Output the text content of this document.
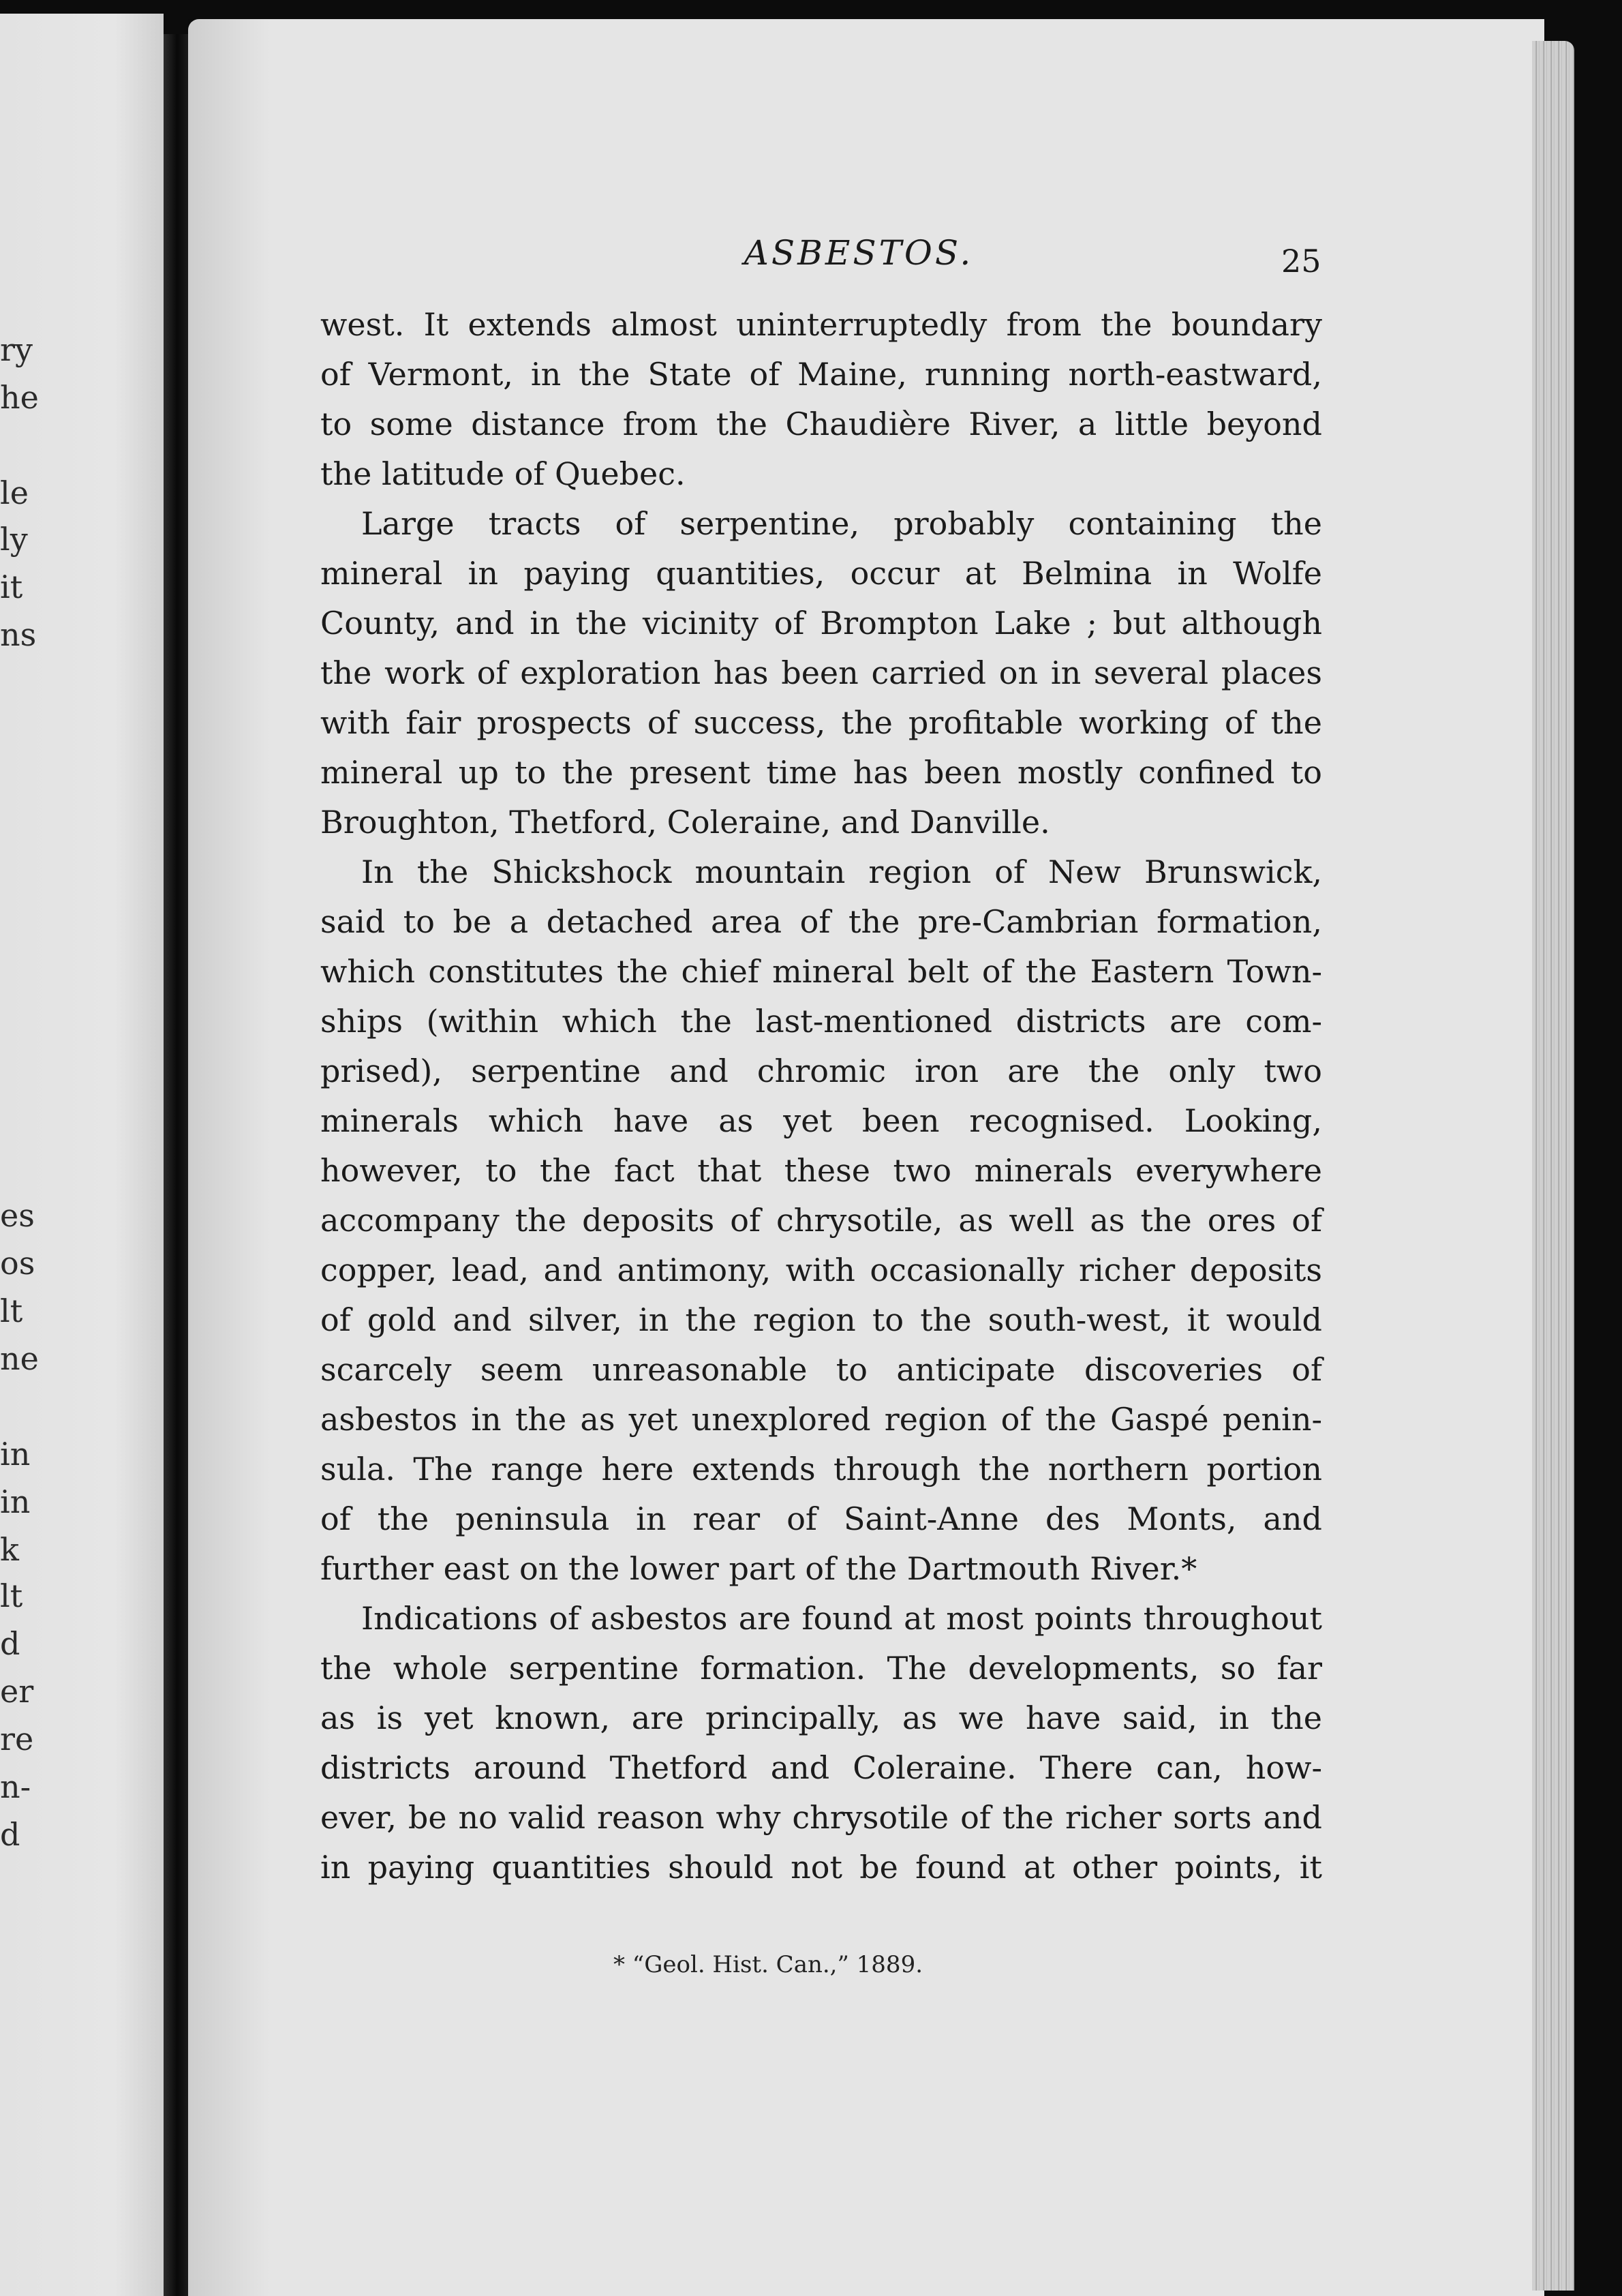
ry
he
le
ly
it
ns
es
os
lt
ne
in
in
k
lt
d
er
re
n-
d
ASBESTOS.	25
west. It extends almost uninterruptedly from the boundary
of Vermont, in the State of Maine, running north-eastward,
to some distance from the Chaudière River, a little beyond
the latitude of Quebec.
Large tracts of serpentine, probably containing the
mineral in paying quantities, occur at Belmina in Wolfe
County, and in the vicinity of Brompton Lake ; but although
the work of exploration has been carried on in several places
with fair prospects of success, the profitable working of the
mineral up to the present time has been mostly confined to
Broughton, Thetford, Coleraine, and Danville.
In the Shickshock mountain region of New Brunswick,
said to be a detached area of the pre-Cambrian formation,
which constitutes the chief mineral belt of the Eastern Town-
ships (within which the last-mentioned districts are com-
prised), serpentine and chromic iron are the only two
minerals which have as yet been recognised. Looking,
however, to the fact that these two minerals everywhere
accompany the deposits of chrysotile, as well as the ores of
copper, lead, and antimony, with occasionally richer deposits
of gold and silver, in the region to the south-west, it would
scarcely seem unreasonable to anticipate discoveries of
asbestos in the as yet unexplored region of the Gaspé penin-
sula. The range here extends through the northern portion
of the peninsula in rear of Saint-Anne des Monts, and
further east on the lower part of the Dartmouth River.*
Indications of asbestos are found at most points throughout
the whole serpentine formation. The developments, so far
as is yet known, are principally, as we have said, in the
districts around Thetford and Coleraine. There can, how-
ever, be no valid reason why chrysotile of the richer sorts and
in paying quantities should not be found at other points, it
* “Geol. Hist. Can.,” 1889.
